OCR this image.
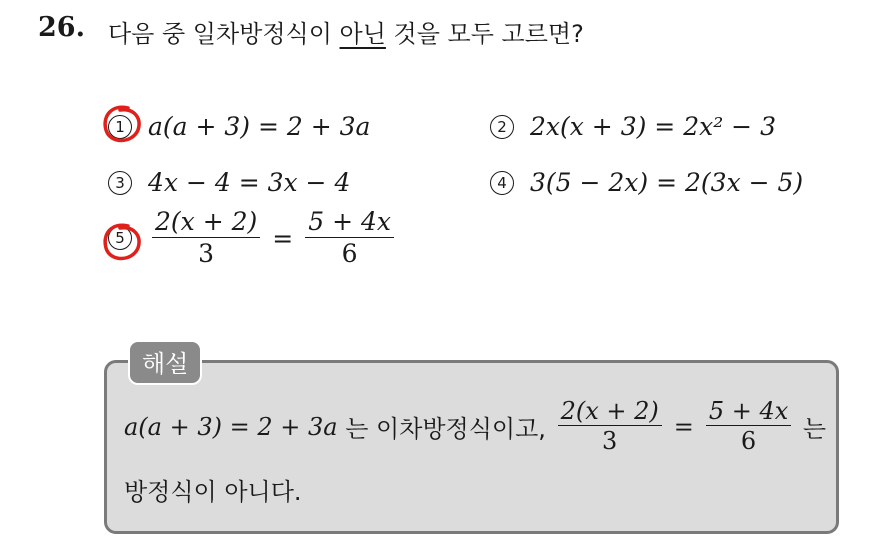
26. 다음 중 일차방정식이 아닌 것을 모두 고르면?
1 a(a + 3) = 2 + 3a	2 2x(x + 3) = 2x² − 3
3 4x − 4 = 3x − 4	4 3(5 − 2x) = 2(3x − 5)
$5 \frac{2(x + 2)}{3} = \frac{5 + 4x}{6}$
해설
a(a + 3) = 2 + 3a 는 이차방정식이고, $\frac{2(x + 2)}{3} = \frac{5 + 4x}{6}$ 는
방정식이 아니다.
